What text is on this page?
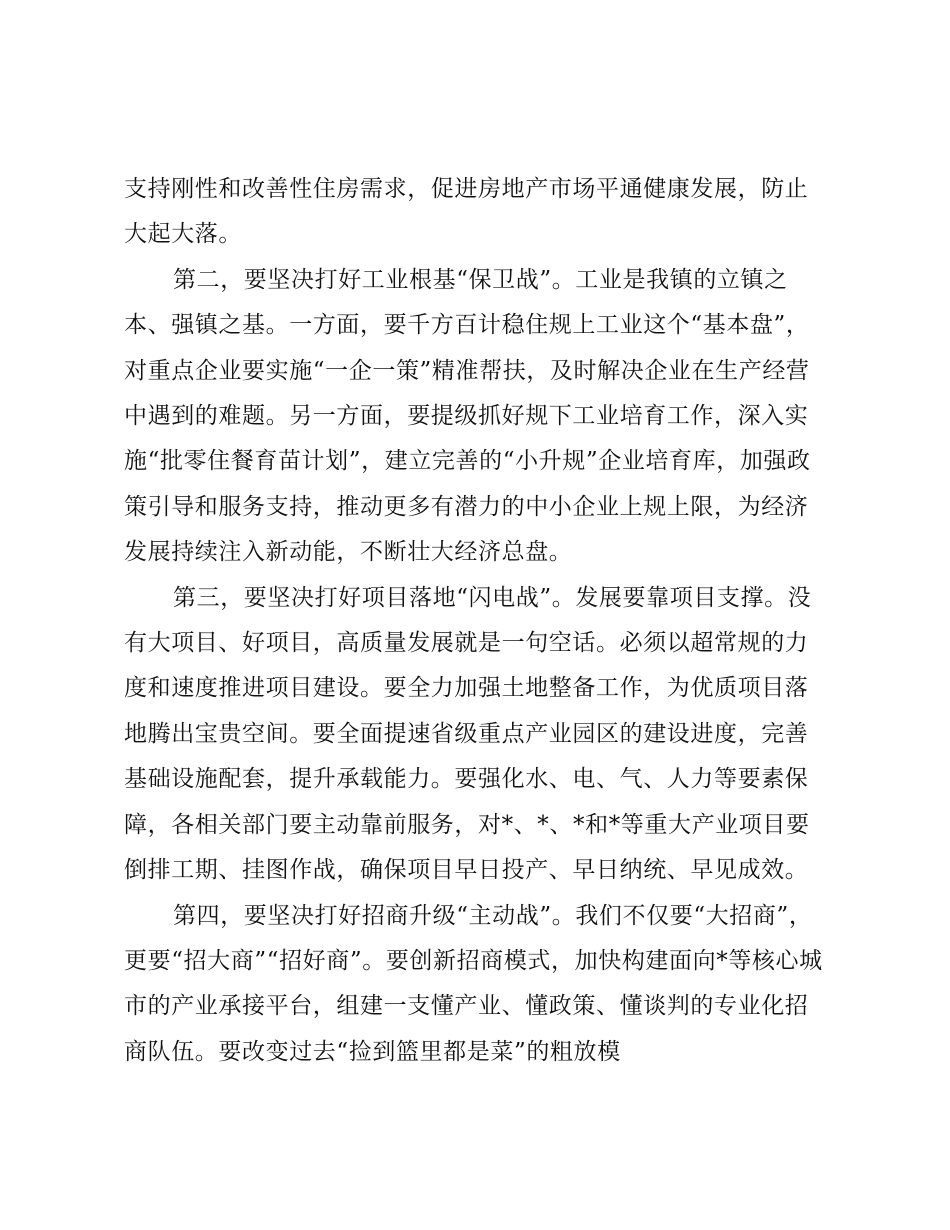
支持刚性和改善性住房需求，促进房地产市场平通健康发展，防止大起大落。

第二，要坚决打好工业根基“保卫战”。工业是我镇的立镇之本、强镇之基。一方面，要千方百计稳住规上工业这个“基本盘”，对重点企业要实施“一企一策”精准帮扶，及时解决企业在生产经营中遇到的难题。另一方面，要提级抓好规下工业培育工作，深入实施“批零住餐育苗计划”，建立完善的“小升规”企业培育库，加强政策引导和服务支持，推动更多有潜力的中小企业上规上限，为经济发展持续注入新动能，不断壮大经济总盘。

第三，要坚决打好项目落地“闪电战”。发展要靠项目支撑。没有大项目、好项目，高质量发展就是一句空话。必须以超常规的力度和速度推进项目建设。要全力加强土地整备工作，为优质项目落地腾出宝贵空间。要全面提速省级重点产业园区的建设进度，完善基础设施配套，提升承载能力。要强化水、电、气、人力等要素保障，各相关部门要主动靠前服务，对*、*、*和*等重大产业项目要倒排工期、挂图作战，确保项目早日投产、早日纳统、早见成效。

第四，要坚决打好招商升级“主动战”。我们不仅要“大招商”，更要“招大商”“招好商”。要创新招商模式，加快构建面向*等核心城市的产业承接平台，组建一支懂产业、懂政策、懂谈判的专业化招商队伍。要改变过去“捡到篮里都是菜”的粗放模
